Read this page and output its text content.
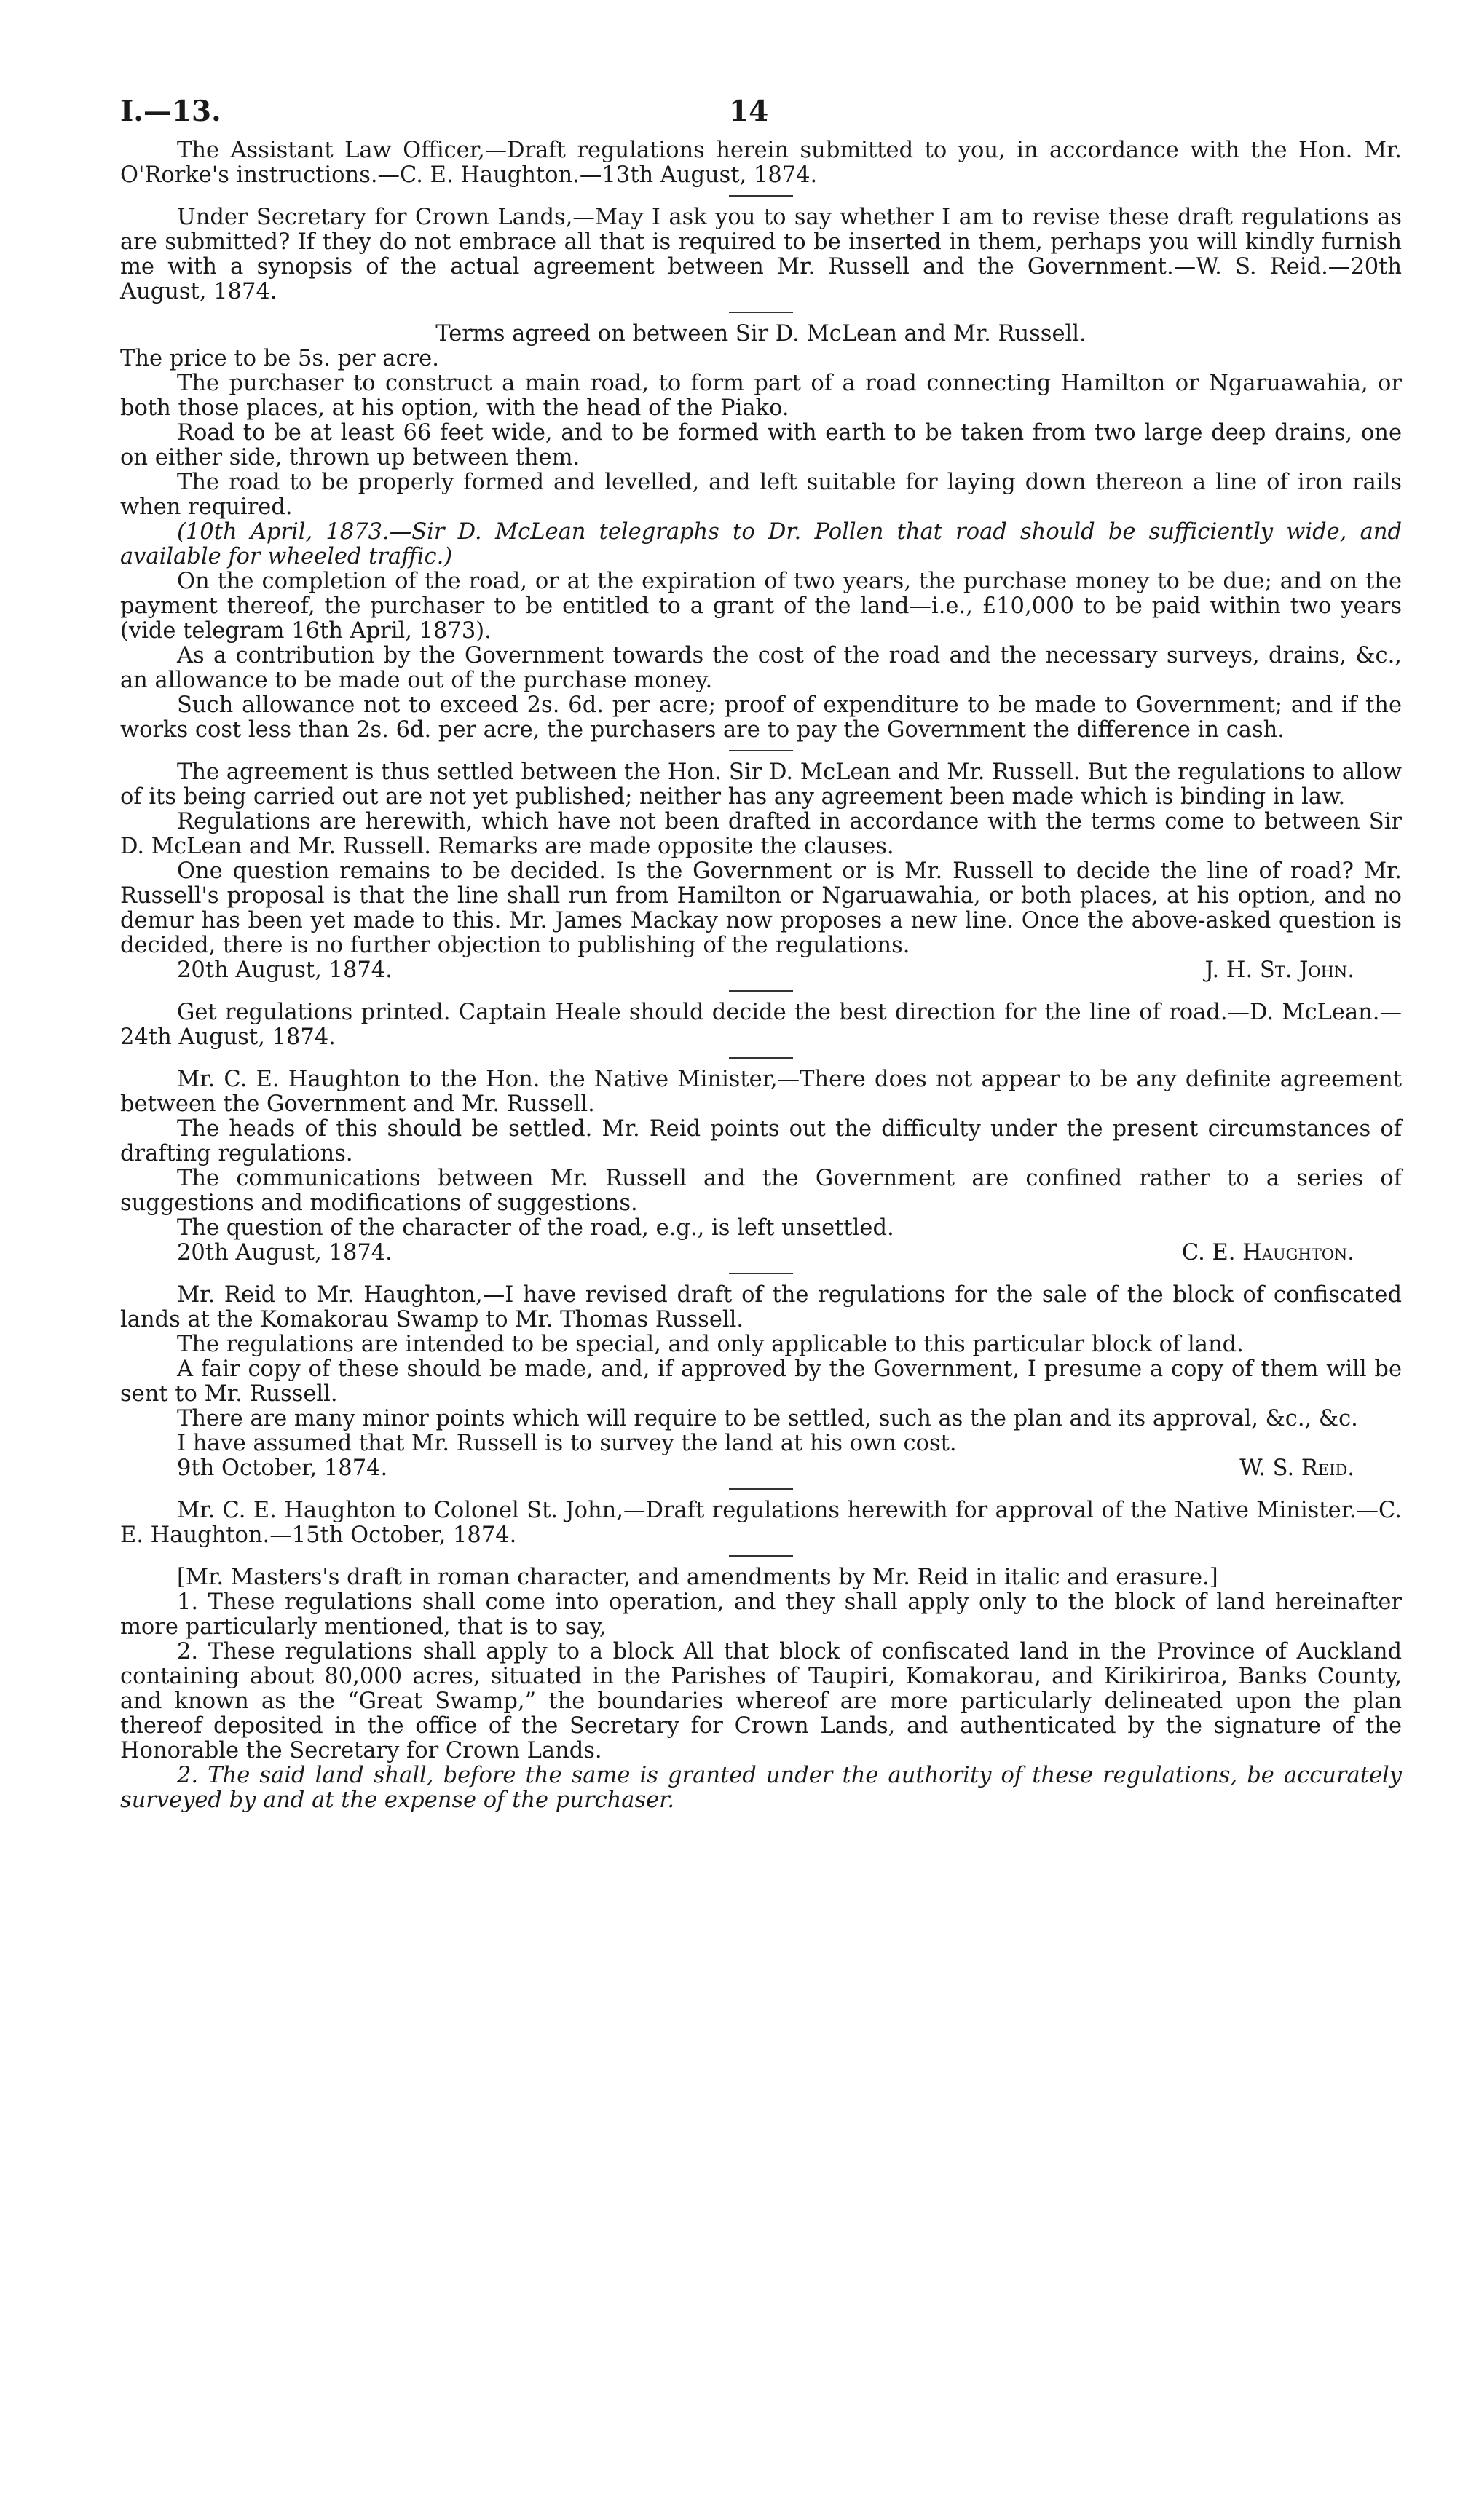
I.—13.	14

The Assistant Law Officer,—Draft regulations herein submitted to you, in accordance with the Hon. Mr. O'Rorke's instructions.—C. E. Haughton.—13th August, 1874.

Under Secretary for Crown Lands,—May I ask you to say whether I am to revise these draft regulations as are submitted? If they do not embrace all that is required to be inserted in them, perhaps you will kindly furnish me with a synopsis of the actual agreement between Mr. Russell and the Government.—W. S. Reid.—20th August, 1874.

Terms agreed on between Sir D. McLean and Mr. Russell.

The price to be 5s. per acre.

The purchaser to construct a main road, to form part of a road connecting Hamilton or Ngaruawahia, or both those places, at his option, with the head of the Piako.

Road to be at least 66 feet wide, and to be formed with earth to be taken from two large deep drains, one on either side, thrown up between them.

The road to be properly formed and levelled, and left suitable for laying down thereon a line of iron rails when required.

(10th April, 1873.—Sir D. McLean telegraphs to Dr. Pollen that road should be sufficiently wide, and available for wheeled traffic.)

On the completion of the road, or at the expiration of two years, the purchase money to be due; and on the payment thereof, the purchaser to be entitled to a grant of the land—i.e., £10,000 to be paid within two years (vide telegram 16th April, 1873).

As a contribution by the Government towards the cost of the road and the necessary surveys, drains, &c., an allowance to be made out of the purchase money.

Such allowance not to exceed 2s. 6d. per acre; proof of expenditure to be made to Government; and if the works cost less than 2s. 6d. per acre, the purchasers are to pay the Government the difference in cash.

The agreement is thus settled between the Hon. Sir D. McLean and Mr. Russell. But the regulations to allow of its being carried out are not yet published; neither has any agreement been made which is binding in law.

Regulations are herewith, which have not been drafted in accordance with the terms come to between Sir D. McLean and Mr. Russell. Remarks are made opposite the clauses.

One question remains to be decided. Is the Government or is Mr. Russell to decide the line of road? Mr. Russell's proposal is that the line shall run from Hamilton or Ngaruawahia, or both places, at his option, and no demur has been yet made to this. Mr. James Mackay now proposes a new line. Once the above-asked question is decided, there is no further objection to publishing of the regulations.

20th August, 1874.	J. H. St. John.

Get regulations printed. Captain Heale should decide the best direction for the line of road.—D. McLean.—24th August, 1874.

Mr. C. E. Haughton to the Hon. the Native Minister,—There does not appear to be any definite agreement between the Government and Mr. Russell.

The heads of this should be settled. Mr. Reid points out the difficulty under the present circumstances of drafting regulations.

The communications between Mr. Russell and the Government are confined rather to a series of suggestions and modifications of suggestions.

The question of the character of the road, e.g., is left unsettled.

20th August, 1874.	C. E. Haughton.

Mr. Reid to Mr. Haughton,—I have revised draft of the regulations for the sale of the block of confiscated lands at the Komakorau Swamp to Mr. Thomas Russell.

The regulations are intended to be special, and only applicable to this particular block of land.

A fair copy of these should be made, and, if approved by the Government, I presume a copy of them will be sent to Mr. Russell.

There are many minor points which will require to be settled, such as the plan and its approval, &c., &c.

I have assumed that Mr. Russell is to survey the land at his own cost.

9th October, 1874.	W. S. Reid.

Mr. C. E. Haughton to Colonel St. John,—Draft regulations herewith for approval of the Native Minister.—C. E. Haughton.—15th October, 1874.

[Mr. Masters's draft in roman character, and amendments by Mr. Reid in italic and erasure.]

1. These regulations shall come into operation, and they shall apply only to the block of land hereinafter more particularly mentioned, that is to say,

2. These regulations shall apply to a block All that block of confiscated land in the Province of Auckland containing about 80,000 acres, situated in the Parishes of Taupiri, Komakorau, and Kirikiriroa, Banks County, and known as the “Great Swamp,” the boundaries whereof are more particularly delineated upon the plan thereof deposited in the office of the Secretary for Crown Lands, and authenticated by the signature of the Honorable the Secretary for Crown Lands.

2. The said land shall, before the same is granted under the authority of these regulations, be accurately surveyed by and at the expense of the purchaser.
